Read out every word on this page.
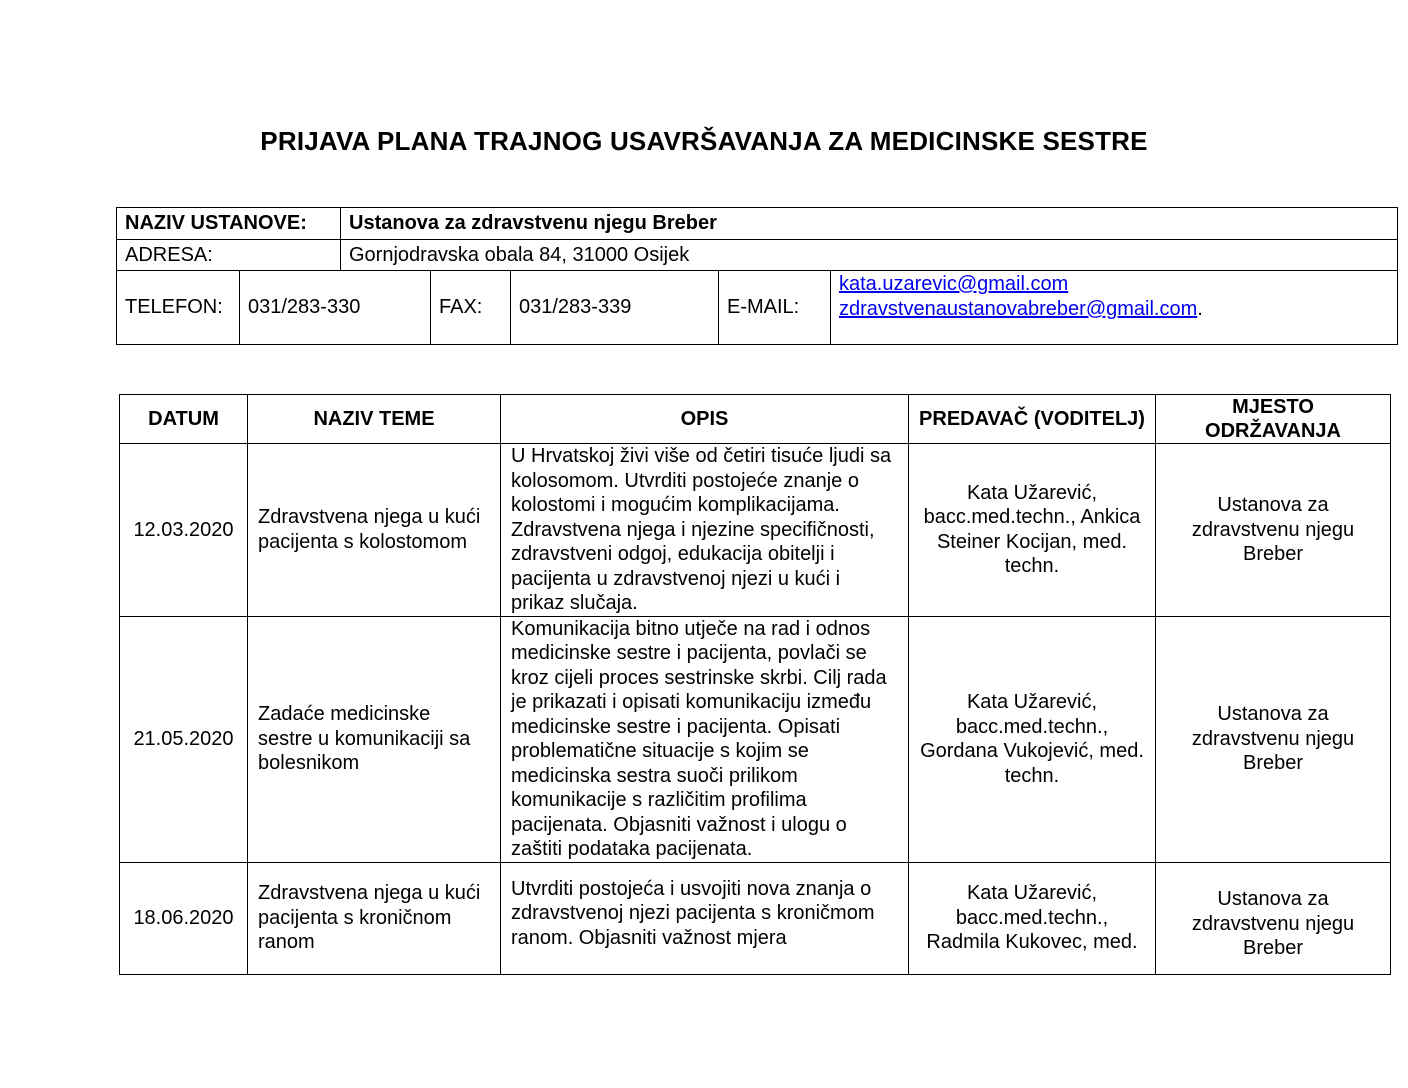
PRIJAVA PLANA TRAJNOG USAVRŠAVANJA ZA MEDICINSKE SESTRE
NAZIV USTANOVE:		Ustanova za zdravstvenu njegu Breber				
ADRESA:		Gornjodravska obala 84, 31000 Osijek				
TELEFON:	031/283-330		FAX:	031/283-339	E-MAIL:	kata.uzarevic@gmail.com
zdravstvenaustanovabreber@gmail.com.
DATUM	NAZIV TEME	OPIS	PREDAVAČ (VODITELJ)	MJESTO ODRŽAVANJA
12.03.2020	Zdravstvena njega u kući pacijenta s kolostomom	U Hrvatskoj živi više od četiri tisuće ljudi sa kolosomom. Utvrditi postojeće znanje o kolostomi i mogućim komplikacijama. Zdravstvena njega i njezine specifičnosti, zdravstveni odgoj, edukacija obitelji i pacijenta u zdravstvenoj njezi u kući i prikaz slučaja.	Kata Užarević, bacc.med.techn., Ankica Steiner Kocijan, med. techn.	Ustanova za zdravstvenu njegu Breber
21.05.2020	Zadaće medicinske sestre u komunikaciji sa bolesnikom	Komunikacija bitno utječe na rad i odnos medicinske sestre i pacijenta, povlači se kroz cijeli proces sestrinske skrbi. Cilj rada je prikazati i opisati komunikaciju između medicinske sestre i pacijenta. Opisati problematične situacije s kojim se medicinska sestra suoči prilikom komunikacije s različitim profilima pacijenata. Objasniti važnost i ulogu o zaštiti podataka pacijenata.	Kata Užarević, bacc.med.techn., Gordana Vukojević, med. techn.	Ustanova za zdravstvenu njegu Breber
18.06.2020	Zdravstvena njega u kući pacijenta s kroničnom ranom	Utvrditi postojeća i usvojiti nova znanja o zdravstvenoj njezi pacijenta s kroničmom ranom. Objasniti važnost mjera	Kata Užarević, bacc.med.techn., Radmila Kukovec, med.	Ustanova za zdravstvenu njegu Breber
